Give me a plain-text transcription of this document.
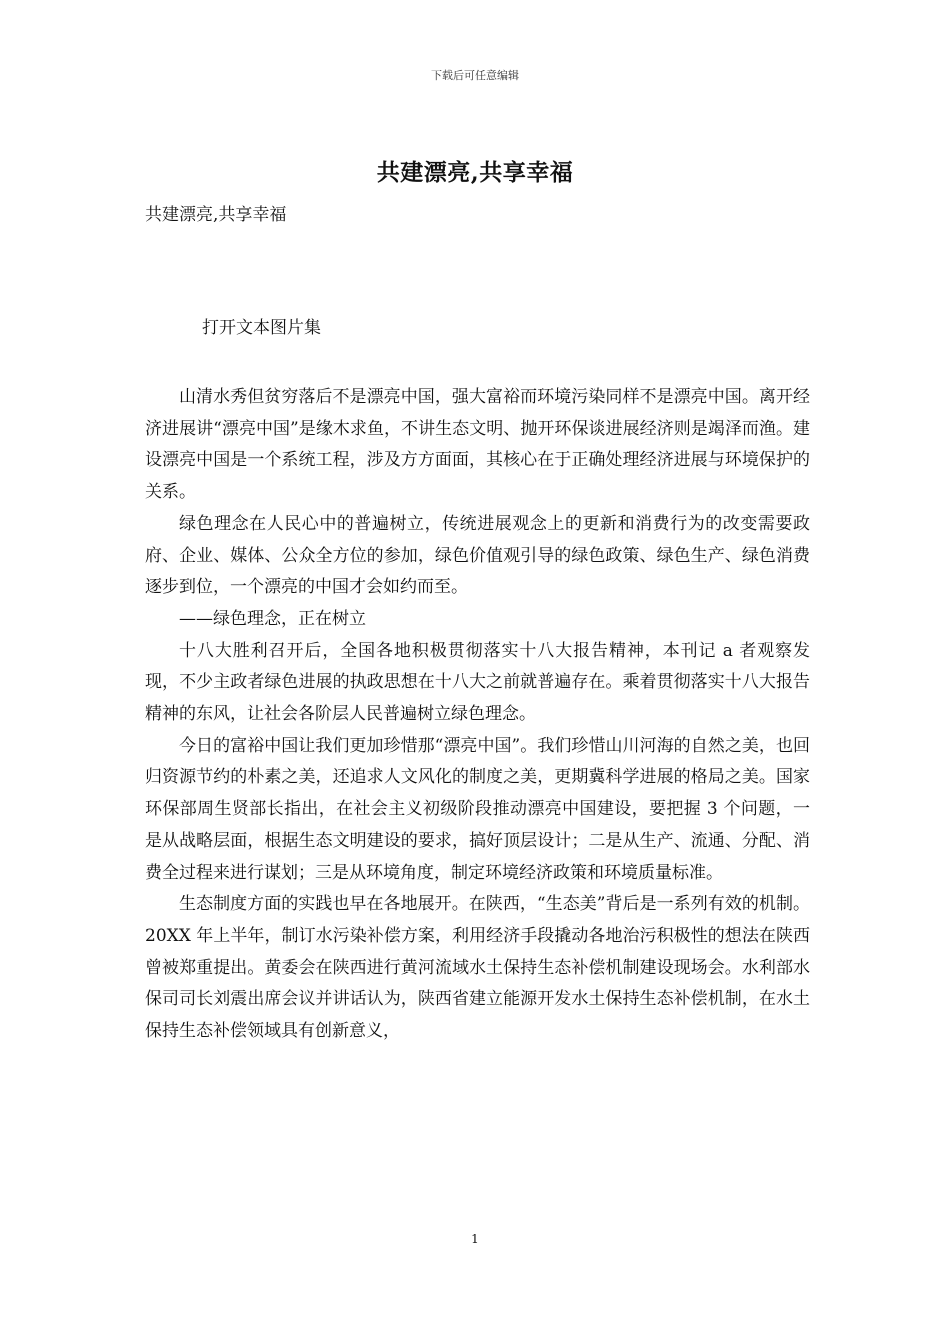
下载后可任意编辑
共建漂亮,共享幸福
共建漂亮,共享幸福
打开文本图片集

山清水秀但贫穷落后不是漂亮中国，强大富裕而环境污染同样不是漂亮中国。离开经济进展讲“漂亮中国”是缘木求鱼，不讲生态文明、抛开环保谈进展经济则是竭泽而渔。建设漂亮中国是一个系统工程，涉及方方面面，其核心在于正确处理经济进展与环境保护的关系。

绿色理念在人民心中的普遍树立，传统进展观念上的更新和消费行为的改变需要政府、企业、媒体、公众全方位的参加，绿色价值观引导的绿色政策、绿色生产、绿色消费逐步到位，一个漂亮的中国才会如约而至。

——绿色理念，正在树立

十八大胜利召开后，全国各地积极贯彻落实十八大报告精神，本刊记 a 者观察发现，不少主政者绿色进展的执政思想在十八大之前就普遍存在。乘着贯彻落实十八大报告精神的东风，让社会各阶层人民普遍树立绿色理念。

今日的富裕中国让我们更加珍惜那“漂亮中国”。我们珍惜山川河海的自然之美，也回归资源节约的朴素之美，还追求人文风化的制度之美，更期冀科学进展的格局之美。国家环保部周生贤部长指出，在社会主义初级阶段推动漂亮中国建设，要把握 3 个问题，一是从战略层面，根据生态文明建设的要求，搞好顶层设计；二是从生产、流通、分配、消费全过程来进行谋划；三是从环境角度，制定环境经济政策和环境质量标准。

生态制度方面的实践也早在各地展开。在陕西，“生态美”背后是一系列有效的机制。20XX 年上半年，制订水污染补偿方案，利用经济手段撬动各地治污积极性的想法在陕西曾被郑重提出。黄委会在陕西进行黄河流域水土保持生态补偿机制建设现场会。水利部水保司司长刘震出席会议并讲话认为，陕西省建立能源开发水土保持生态补偿机制，在水土保持生态补偿领域具有创新意义，

1
